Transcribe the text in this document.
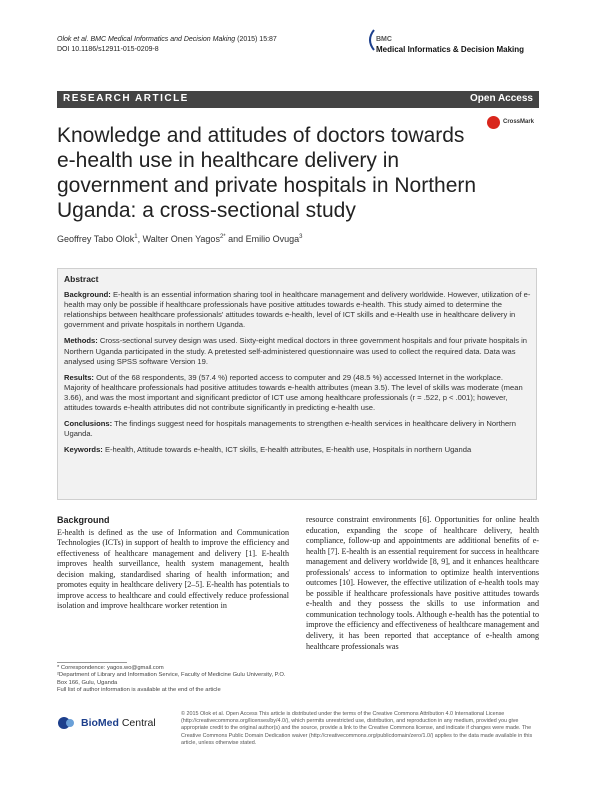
Olok et al. BMC Medical Informatics and Decision Making (2015) 15:87
DOI 10.1186/s12911-015-0209-8
BMC
Medical Informatics & Decision Making
RESEARCH ARTICLE	Open Access
Knowledge and attitudes of doctors towards e-health use in healthcare delivery in government and private hospitals in Northern Uganda: a cross-sectional study
CrossMark
Geoffrey Tabo Olok$^1$, Walter Onen Yagos$^{2*}$ and Emilio Ovuga$^3$
Abstract

Background: E-health is an essential information sharing tool in healthcare management and delivery worldwide. However, utilization of e-health may only be possible if healthcare professionals have positive attitudes towards e-health. This study aimed to determine the relationships between healthcare professionals' attitudes towards e-health, level of ICT skills and e-Health use in healthcare delivery in government and private hospitals in northern Uganda.

Methods: Cross-sectional survey design was used. Sixty-eight medical doctors in three government hospitals and four private hospitals in Northern Uganda participated in the study. A pretested self-administered questionnaire was used to collect the required data. Data was analysed using SPSS software Version 19.

Results: Out of the 68 respondents, 39 (57.4 %) reported access to computer and 29 (48.5 %) accessed Internet in the workplace. Majority of healthcare professionals had positive attitudes towards e-health attributes (mean 3.5). The level of skills was moderate (mean 3.66), and was the most important and significant predictor of ICT use among healthcare professionals (r = .522, p < .001); however, attitudes towards e-health attributes did not contribute significantly in predicting e-health use.

Conclusions: The findings suggest need for hospitals managements to strengthen e-health services in healthcare delivery in Northern Uganda.

Keywords: E-health, Attitude towards e-health, ICT skills, E-health attributes, E-health use, Hospitals in northern Uganda

Background
E-health is defined as the use of Information and Communication Technologies (ICTs) in support of health to improve the efficiency and effectiveness of healthcare management and delivery [1]. E-health improves health surveillance, health system management, health decision making, standardised sharing of health information; and promotes equity in healthcare delivery [2–5]. E-health has potentials to improve access to healthcare and could effectively reduce professional isolation and improve healthcare worker retention in
resource constraint environments [6]. Opportunities for online health education, expanding the scope of healthcare delivery, health compliance, follow-up and appointments are additional benefits of e-health [7]. E-health is an essential requirement for success in healthcare management and delivery worldwide [8, 9], and it enhances healthcare professionals' access to information to optimize health interventions outcomes [10]. However, the effective utilization of e-health tools may be possible if healthcare professionals have positive attitudes towards e-health and they possess the skills to use information and communication technology tools. Although e-health has the potential to improve the efficiency and effectiveness of healthcare management and delivery, it has been reported that acceptance of e-health among healthcare professionals was
* Correspondence: yagos.wo@gmail.com
²Department of Library and Information Service, Faculty of Medicine Gulu University, P.O. Box 166, Gulu, Uganda
Full list of author information is available at the end of the article
BioMed Central
© 2015 Olok et al. Open Access This article is distributed under the terms of the Creative Commons Attribution 4.0 International License (http://creativecommons.org/licenses/by/4.0/), which permits unrestricted use, distribution, and reproduction in any medium, provided you give appropriate credit to the original author(s) and the source, provide a link to the Creative Commons license, and indicate if changes were made. The Creative Commons Public Domain Dedication waiver (http://creativecommons.org/publicdomain/zero/1.0/) applies to the data made available in this article, unless otherwise stated.
